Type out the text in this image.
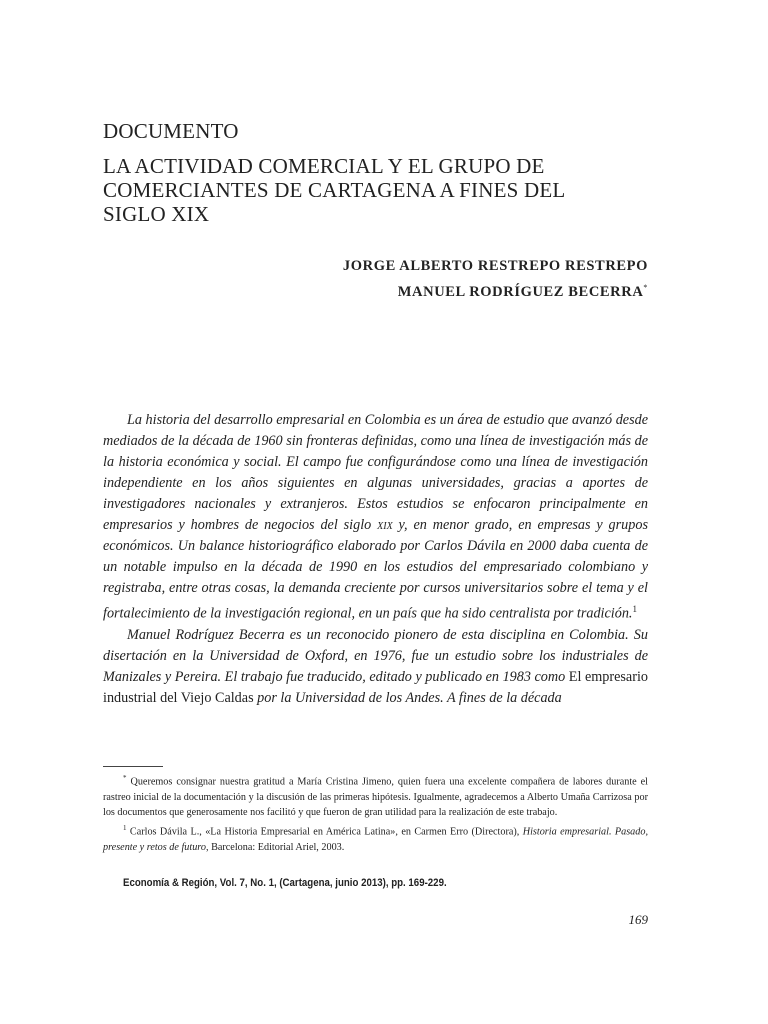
DOCUMENTO
LA ACTIVIDAD COMERCIAL Y EL GRUPO DE
COMERCIANTES DE CARTAGENA A FINES DEL
SIGLO XIX
JORGE ALBERTO RESTREPO RESTREPO
MANUEL RODRÍGUEZ BECERRA*

La historia del desarrollo empresarial en Colombia es un área de estudio que avanzó desde mediados de la década de 1960 sin fronteras definidas, como una línea de investigación más de la historia económica y social. El campo fue configurándose como una línea de investigación independiente en los años siguientes en algunas universidades, gracias a aportes de investigadores nacionales y extranjeros. Estos estudios se enfocaron principalmente en empresarios y hombres de negocios del siglo xix y, en menor grado, en empresas y grupos económicos. Un balance historiográfico elaborado por Carlos Dávila en 2000 daba cuenta de un notable impulso en la década de 1990 en los estudios del empresariado colombiano y registraba, entre otras cosas, la demanda creciente por cursos universitarios sobre el tema y el fortalecimiento de la investigación regional, en un país que ha sido centralista por tradición.$^1$

Manuel Rodríguez Becerra es un reconocido pionero de esta disciplina en Colombia. Su disertación en la Universidad de Oxford, en 1976, fue un estudio sobre los industriales de Manizales y Pereira. El trabajo fue traducido, editado y publicado en 1983 como El empresario industrial del Viejo Caldas por la Universidad de los Andes. A fines de la década

* Queremos consignar nuestra gratitud a María Cristina Jimeno, quien fuera una excelente compañera de labores durante el rastreo inicial de la documentación y la discusión de las primeras hipótesis. Igualmente, agradecemos a Alberto Umaña Carrizosa por los documentos que generosamente nos facilitó y que fueron de gran utilidad para la realización de este trabajo.

$^1$ Carlos Dávila L., «La Historia Empresarial en América Latina», en Carmen Erro (Directora), Historia empresarial. Pasado, presente y retos de futuro, Barcelona: Editorial Ariel, 2003.

Economía & Región, Vol. 7, No. 1, (Cartagena, junio 2013), pp. 169-229.
169
